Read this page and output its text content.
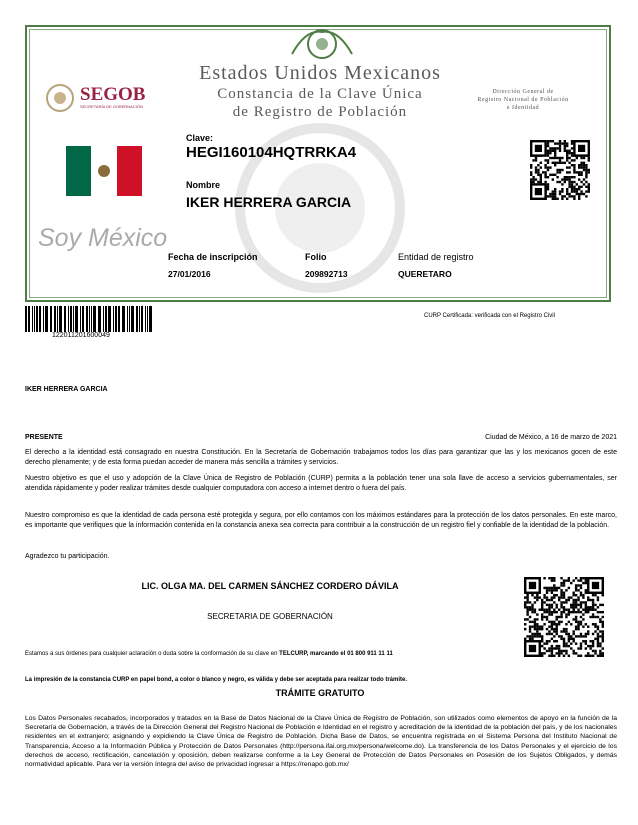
Estados Unidos Mexicanos
Constancia de la Clave Única
de Registro de Población
SEGOB
SECRETARÍA DE GOBERNACIÓN
Dirección General de
Registro Nacional de Población
e Identidad
Clave:
HEGI160104HQTRRKA4
Nombre
IKER HERRERA GARCIA
Soy México
Fecha de inscripción
27/01/2016
Folio
209892713
Entidad de registro
QUERETARO
122011201600049
CURP Certificada: verificada con el Registro Civil
IKER HERRERA GARCIA
PRESENTE	Ciudad de México, a 16 de marzo de 2021
El derecho a la identidad está consagrado en nuestra Constitución. En la Secretaría de Gobernación trabajamos todos los días para garantizar que las y los mexicanos gocen de este derecho plenamente; y de esta forma puedan acceder de manera más sencilla a trámites y servicios.
Nuestro objetivo es que el uso y adopción de la Clave Única de Registro de Población (CURP) permita a la población tener una sola llave de acceso a servicios gubernamentales, ser atendida rápidamente y poder realizar trámites desde cualquier computadora con acceso a internet dentro o fuera del país.
Nuestro compromiso es que la identidad de cada persona esté protegida y segura, por ello contamos con los máximos estándares para la protección de los datos personales. En este marco, es importante que verifiques que la información contenida en la constancia anexa sea correcta para contribuir a la construcción de un registro fiel y confiable de la identidad de la población.
Agradezco tu participación.
LIC. OLGA MA. DEL CARMEN SÁNCHEZ CORDERO DÁVILA
SECRETARIA DE GOBERNACIÓN
Estamos a sus órdenes para cualquier aclaración o duda sobre la conformación de su clave en TELCURP, marcando el 01 800 911 11 11
La impresión de la constancia CURP en papel bond, a color o blanco y negro, es válida y debe ser aceptada para realizar todo trámite.
TRÁMITE GRATUITO
Los Datos Personales recabados, incorporados y tratados en la Base de Datos Nacional de la Clave Única de Registro de Población, son utilizados como elementos de apoyo en la función de la Secretaría de Gobernación, a través de la Dirección General del Registro Nacional de Población e Identidad en el registro y acreditación de la identidad de la población del país, y de los nacionales residentes en el extranjero; asignando y expidiendo la Clave Única de Registro de Población. Dicha Base de Datos, se encuentra registrada en el Sistema Persona del Instituto Nacional de Transparencia, Acceso a la Información Pública y Protección de Datos Personales (http://persona.ifai.org.mx/persona/welcome.do). La transferencia de los Datos Personales y el ejercicio de los derechos de acceso, rectificación, cancelación y oposición, deben realizarse conforme a la Ley General de Protección de Datos Personales en Posesión de los Sujetos Obligados, y demás normatividad aplicable. Para ver la versión íntegra del aviso de privacidad ingresar a https://renapo.gob.mx/
